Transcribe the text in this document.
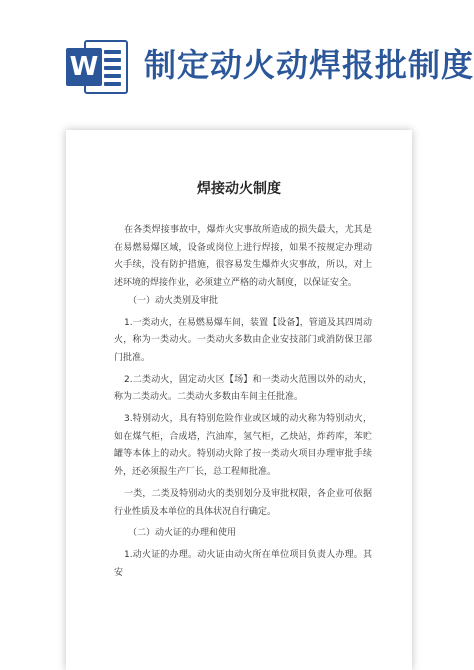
W 制定动火动焊报批制度
焊接动火制度

在各类焊接事故中，爆炸火灾事故所造成的损失最大，尤其是在易燃易爆区域，设备或岗位上进行焊接，如果不按规定办理动火手续，没有防护措施，很容易发生爆炸火灾事故，所以，对上述环境的焊接作业，必须建立严格的动火制度，以保证安全。

（一）动火类别及审批

1.一类动火，在易燃易爆车间，装置【设备】，管道及其四周动火，称为一类动火。一类动火多数由企业安技部门或消防保卫部门批准。

2.二类动火，固定动火区【场】和一类动火范围以外的动火，称为二类动火。二类动火多数由车间主任批准。

3.特别动火，具有特别危险作业或区域的动火称为特别动火，如在煤气柜，合成塔，汽油库，氢气柜，乙炔站，炸药库，苯贮罐等本体上的动火。特别动火除了按一类动火项目办理审批手续外，还必须报生产厂长，总工程师批准。

一类，二类及特别动火的类别划分及审批权限，各企业可依据行业性质及本单位的具体状况自行确定。

（二）动火证的办理和使用

1.动火证的办理。动火证由动火所在单位项目负责人办理。其安
